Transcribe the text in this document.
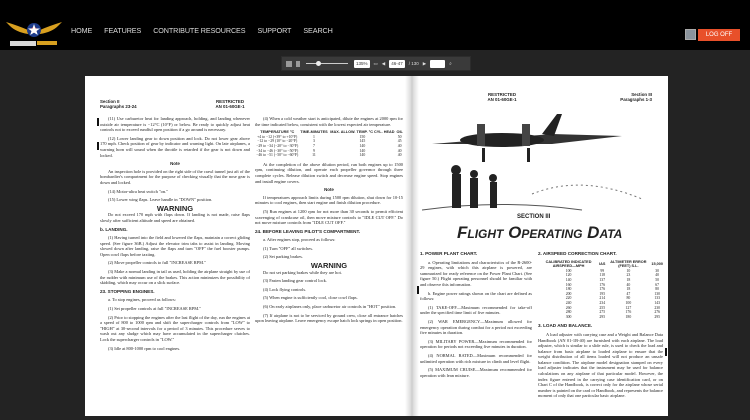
HOME FEATURES CONTRIBUTE RESOURCES SUPPORT SEARCH	LOG OFF
135%	▭ ◀	46-47	/ 130 ▶	⌕
Section II
Paragraphs 23-24
RESTRICTED
AN 01-60GE-1

(11) Use carburetor heat for landing approach, holding, and landing whenever outside air temperature is −12°C (10°F) or below. Be ready to quickly adjust heat controls not to exceed rundful open position if a go around is necessary.

(12) Lower landing gear to down position and lock. Do not lower gear above 170 mph. Check position of gear by indicator and warning light. On late airplanes, a warning horn will sound when the throttle is retarded if the gear is not down and locked.

Note

An inspection hole is provided on the right side of the crawl tunnel just aft of the bombardier's compartment for the purpose of checking visually that the nose gear is down and locked.

(14) Motor-ultra heat switch "on."

(15) Lower wing flaps. Leave handle in "DOWN" position.

WARNING

Do not exceed 170 mph with flaps down. If landing is not made, raise flaps slowly after sufficient altitude and speed are obtained.

b. LANDING.

(1) Having turned into the field and lowered the flaps, maintain a correct gliding speed. (See figure 36B.) Adjust the elevator trim tabs to assist in landing. Moving slowed down after landing, raise the flaps and turn "OFF" the fuel booster pumps. Open cowl flaps before taxiing.

(2) Move propeller controls to full "INCREASE RPM."

(3) Make a normal landing in tail as used, holding the airplane straight by use of the rudder with minimum use of the brakes. This action minimizes the possibility of skidding, which may occur on a slick surface.

23. STOPPING ENGINES.

a. To stop engines, proceed as follows:

(1) Set propeller controls at full "INCREASE RPM."

(2) Prior to stopping the engines after the last flight of the day, run the engines at a speed of 800 to 1000 rpm and shift the supercharger controls from "LOW" to "HIGH" at 30-second intervals for a period of 3 minutes. This procedure serves to wash out any sludge which may have accumulated in the supercharger clutches. Lock the supercharger controls in "LOW."

(3) Idle at 800-1000 rpm to cool engines.

(4) When a cold weather start is anticipated, dilute the engines at 2000 rpm for the time indicated below, consistent with the lowest expected air temperature.

TEMPERATURE °C	TIME-MINUTES	MAX. ALLOW. TEMP. °C CYL. HEAD	OIL
+4 to −12 (+39° to +10°F)	1	150	50
−12 to −29 (10° to −20°F)	3	145	45
−29 to −34 (−20° to −30°F)	7	140	40
−34 to −46 (−30° to −50°F)	9	140	40
−46 to −51 (−50° to −60°F)	11	140	40

At the completion of the above dilution period, run both engines up to 1500 rpm, continuing dilution, and operate each propeller governor through three complete cycles. Release dilution switch and decrease engine speed. Stop engines and install engine covers.

Note

If temperatures approach limits during 1500 rpm dilution, shut down for 10-15 minutes to cool engines, then start engine and finish dilution procedure.

(5) Run engines at 1200 rpm for not more than 30 seconds to permit efficient scavenging of crankcase oil, then move mixture controls to "IDLE CUT OFF." Do not move mixture controls from "IDLE CUT OFF."

24. BEFORE LEAVING PILOT'S COMPARTMENT.

a. After engines stop, proceed as follows:

(1) Turn "OFF" all switches.

(2) Set parking brakes.

WARNING

Do not set parking brakes while they are hot.

(3) Fasten landing gear control lock.

(4) Lock flying controls.

(5) When engine is sufficiently cool, close cowl flaps.

(6) On early airplanes only, place carburetor air controls in "HOT" position.

(7) If airplane is not to be serviced by ground crew, close all entrance hatches upon leaving airplane. Leave emergency escape hatch lock springs in open position.

RESTRICTED
AN 01-60GE-1
Section III
Paragraphs 1-3
SECTION III
Flight Operating Data
1. POWER PLANT CHART.

a. Operating limitations and characteristics of the R-2600-29 engines, with which this airplane is powered, are summarized for ready reference on the Power Plant Chart. (See figure 50.) Flight operating personnel should be familiar with and observe this information.

b. Engine power ratings shown on the chart are defined as follows:

(1) TAKE-OFF—Maximum recommended for take-off under the specified time limit of five minutes.

(2) WAR EMERGENCY—Maximum allowed for emergency operation during combat for a period not exceeding five minutes in duration.

(3) MILITARY POWER—Maximum recommended for operation for periods not exceeding five minutes in duration.

(4) NORMAL RATED—Maximum recommended for unlimited operation with rich mixture in climb and level flight.

(5) MAXIMUM CRUISE—Maximum recommended for operation with lean mixture.

2. AIRSPEED CORRECTION CHART.
CALIBRATED INDICATED AIRSPEED—MPH	IAS	ALTIMETER ERROR (FEET) S.L.	15,000
100	99	10	30
120	118	23	40
140	137	18	50
160	176	40	67
180	176	18	80
200	195	47	130
220	214	80	133
240	234	100	143
260	255	127	230
280	275	176	276
300	295	180	295
3. LOAD AND BALANCE.

A load adjuster with carrying case and a Weight and Balance Data Handbook (AN 01-1B-40) are furnished with each airplane. The load adjuster, which is similar to a slide rule, is used to check the load and balance from basic airplane to loaded airplane to ensure that the weight distribution of all items loaded will not produce an unsafe balance condition. The airplane model designation stamped on every load adjuster indicates that the instrument may be used for balance calculations on any airplane of that particular model. However, the index figure entered in the carrying case identification card, or on Chart C of the Handbook, is correct only for the airplane whose serial number is painted on the card or Handbook, and represents the balance moment of only that one particular basic airplane.
